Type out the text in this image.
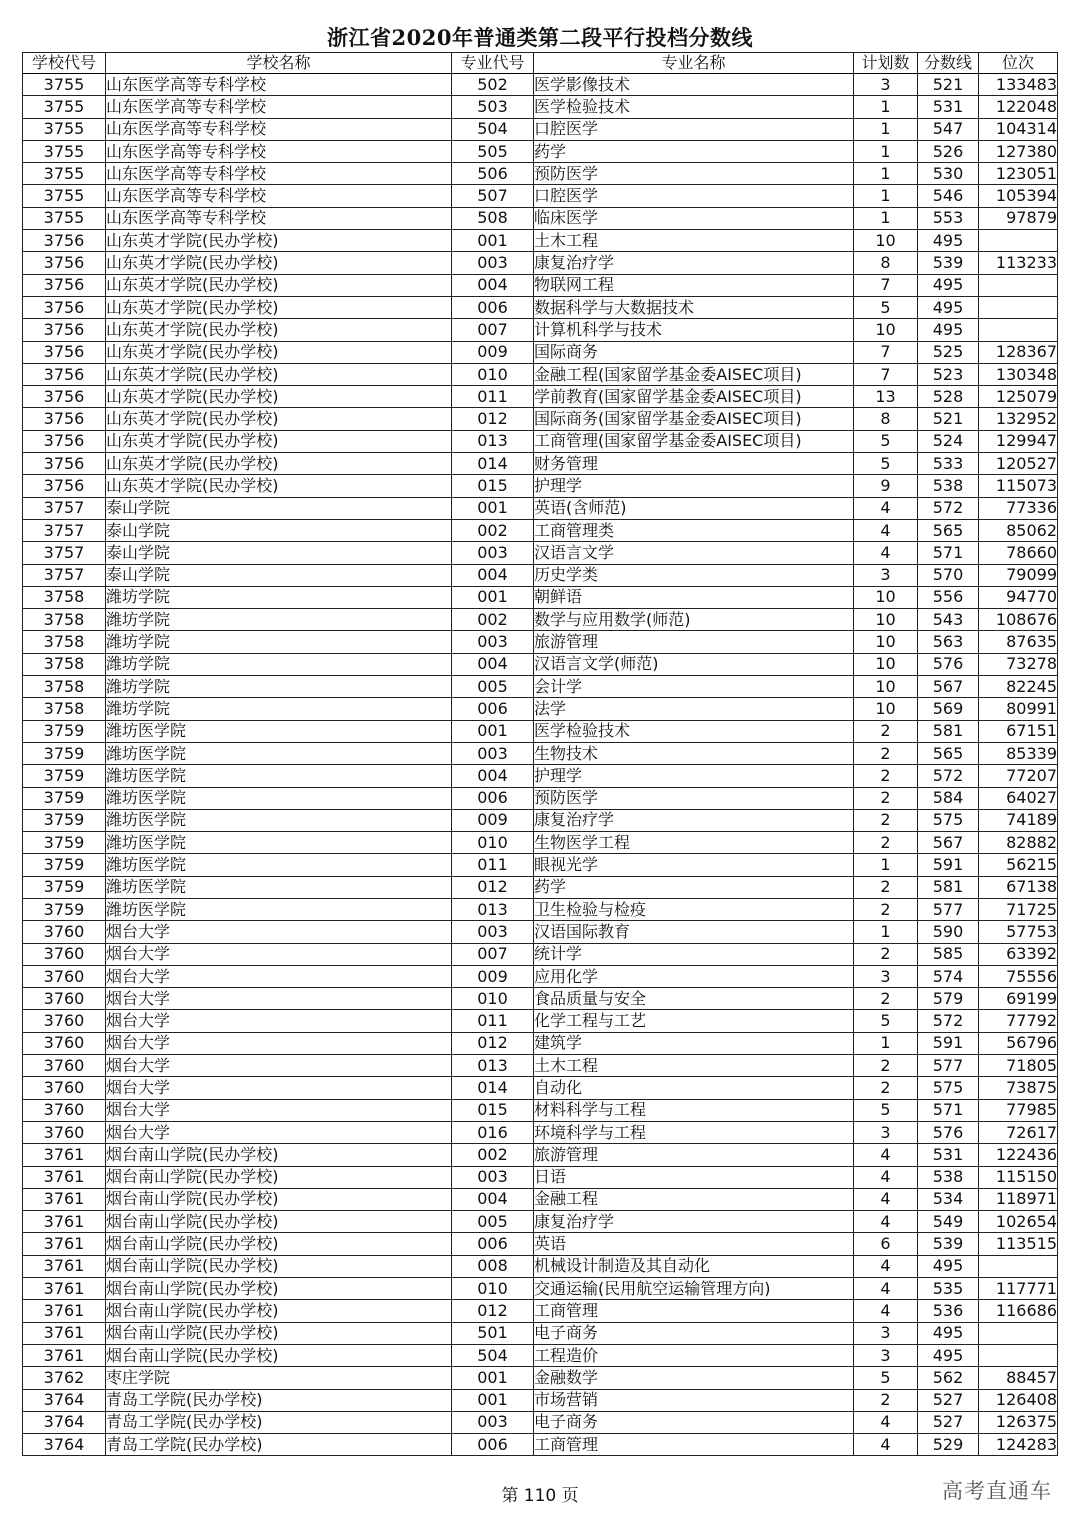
浙江省2020年普通类第二段平行投档分数线
学校代号	学校名称	专业代号	专业名称	计划数	分数线	位次
3755	山东医学高等专科学校	502	医学影像技术	3	521	133483
3755	山东医学高等专科学校	503	医学检验技术	1	531	122048
3755	山东医学高等专科学校	504	口腔医学	1	547	104314
3755	山东医学高等专科学校	505	药学	1	526	127380
3755	山东医学高等专科学校	506	预防医学	1	530	123051
3755	山东医学高等专科学校	507	口腔医学	1	546	105394
3755	山东医学高等专科学校	508	临床医学	1	553	97879
3756	山东英才学院(民办学校)	001	土木工程	10	495	
3756	山东英才学院(民办学校)	003	康复治疗学	8	539	113233
3756	山东英才学院(民办学校)	004	物联网工程	7	495	
3756	山东英才学院(民办学校)	006	数据科学与大数据技术	5	495	
3756	山东英才学院(民办学校)	007	计算机科学与技术	10	495	
3756	山东英才学院(民办学校)	009	国际商务	7	525	128367
3756	山东英才学院(民办学校)	010	金融工程(国家留学基金委AISEC项目)	7	523	130348
3756	山东英才学院(民办学校)	011	学前教育(国家留学基金委AISEC项目)	13	528	125079
3756	山东英才学院(民办学校)	012	国际商务(国家留学基金委AISEC项目)	8	521	132952
3756	山东英才学院(民办学校)	013	工商管理(国家留学基金委AISEC项目)	5	524	129947
3756	山东英才学院(民办学校)	014	财务管理	5	533	120527
3756	山东英才学院(民办学校)	015	护理学	9	538	115073
3757	泰山学院	001	英语(含师范)	4	572	77336
3757	泰山学院	002	工商管理类	4	565	85062
3757	泰山学院	003	汉语言文学	4	571	78660
3757	泰山学院	004	历史学类	3	570	79099
3758	潍坊学院	001	朝鲜语	10	556	94770
3758	潍坊学院	002	数学与应用数学(师范)	10	543	108676
3758	潍坊学院	003	旅游管理	10	563	87635
3758	潍坊学院	004	汉语言文学(师范)	10	576	73278
3758	潍坊学院	005	会计学	10	567	82245
3758	潍坊学院	006	法学	10	569	80991
3759	潍坊医学院	001	医学检验技术	2	581	67151
3759	潍坊医学院	003	生物技术	2	565	85339
3759	潍坊医学院	004	护理学	2	572	77207
3759	潍坊医学院	006	预防医学	2	584	64027
3759	潍坊医学院	009	康复治疗学	2	575	74189
3759	潍坊医学院	010	生物医学工程	2	567	82882
3759	潍坊医学院	011	眼视光学	1	591	56215
3759	潍坊医学院	012	药学	2	581	67138
3759	潍坊医学院	013	卫生检验与检疫	2	577	71725
3760	烟台大学	003	汉语国际教育	1	590	57753
3760	烟台大学	007	统计学	2	585	63392
3760	烟台大学	009	应用化学	3	574	75556
3760	烟台大学	010	食品质量与安全	2	579	69199
3760	烟台大学	011	化学工程与工艺	5	572	77792
3760	烟台大学	012	建筑学	1	591	56796
3760	烟台大学	013	土木工程	2	577	71805
3760	烟台大学	014	自动化	2	575	73875
3760	烟台大学	015	材料科学与工程	5	571	77985
3760	烟台大学	016	环境科学与工程	3	576	72617
3761	烟台南山学院(民办学校)	002	旅游管理	4	531	122436
3761	烟台南山学院(民办学校)	003	日语	4	538	115150
3761	烟台南山学院(民办学校)	004	金融工程	4	534	118971
3761	烟台南山学院(民办学校)	005	康复治疗学	4	549	102654
3761	烟台南山学院(民办学校)	006	英语	6	539	113515
3761	烟台南山学院(民办学校)	008	机械设计制造及其自动化	4	495	
3761	烟台南山学院(民办学校)	010	交通运输(民用航空运输管理方向)	4	535	117771
3761	烟台南山学院(民办学校)	012	工商管理	4	536	116686
3761	烟台南山学院(民办学校)	501	电子商务	3	495	
3761	烟台南山学院(民办学校)	504	工程造价	3	495	
3762	枣庄学院	001	金融数学	5	562	88457
3764	青岛工学院(民办学校)	001	市场营销	2	527	126408
3764	青岛工学院(民办学校)	003	电子商务	4	527	126375
3764	青岛工学院(民办学校)	006	工商管理	4	529	124283
第 110 页	高考直通车
